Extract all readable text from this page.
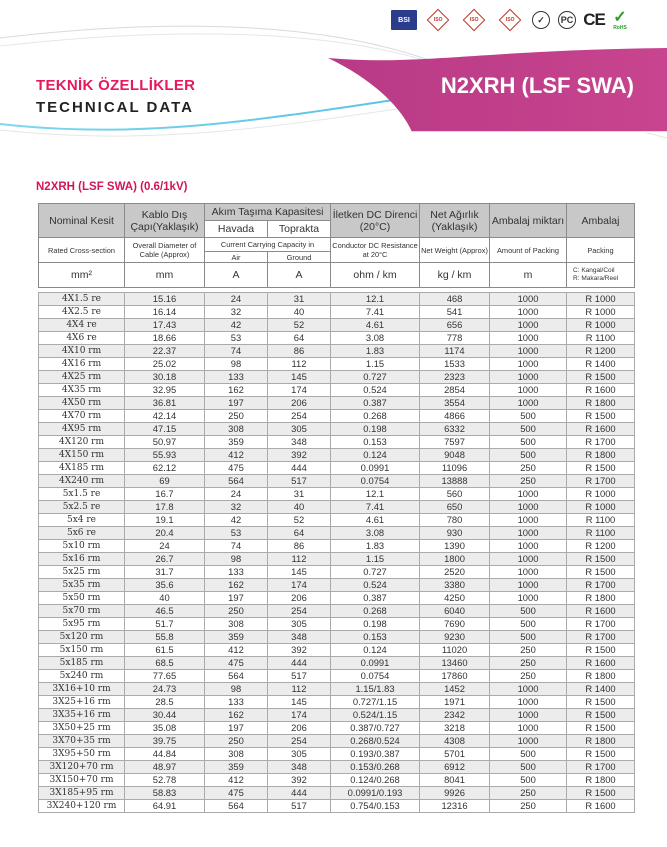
BSI	ISO	ISO	ISO	✓	PC CE ✓
RoHS
TEKNİK ÖZELLİKLER
TECHNICAL DATA
N2XRH (LSF SWA)
N2XRH (LSF SWA) (0.6/1kV)
Nominal Kesit	Kablo Dış Çapı(Yaklaşık)	Akım Taşıma Kapasitesi		İletken DC Direnci (20°C)	Net Ağırlık (Yaklaşık)	Ambalaj miktarı	Ambalaj
		Havada	Toprakta				
Rated Cross-section	Overall Diameter of Cable (Approx)	Current Carrying Capacity in		Conductor DC Resistance at 20°C	Net Weight (Approx)	Amount of Packing	Packing
		Air	Ground				
mm²	mm	A	A	ohm / km	kg / km	m	C: Kangal/Coil
R: Makara/Reel

4X1.5 re	15.16	24	31	12.1	468	1000	R 1000
4X2.5 re	16.14	32	40	7.41	541	1000	R 1000
4X4 re	17.43	42	52	4.61	656	1000	R 1000
4X6 re	18.66	53	64	3.08	778	1000	R 1100
4X10 rm	22.37	74	86	1.83	1174	1000	R 1200
4X16 rm	25.02	98	112	1.15	1533	1000	R 1400
4X25 rm	30.18	133	145	0.727	2323	1000	R 1500
4X35 rm	32.95	162	174	0.524	2854	1000	R 1600
4X50 rm	36.81	197	206	0.387	3554	1000	R 1800
4X70 rm	42.14	250	254	0.268	4866	500	R 1500
4X95 rm	47.15	308	305	0.198	6332	500	R 1600
4X120 rm	50.97	359	348	0.153	7597	500	R 1700
4X150 rm	55.93	412	392	0.124	9048	500	R 1800
4X185 rm	62.12	475	444	0.0991	11096	250	R 1500
4X240 rm	69	564	517	0.0754	13888	250	R 1700
5x1.5 re	16.7	24	31	12.1	560	1000	R 1000
5x2.5 re	17.8	32	40	7.41	650	1000	R 1000
5x4 re	19.1	42	52	4.61	780	1000	R 1100
5x6 re	20.4	53	64	3.08	930	1000	R 1100
5x10 rm	24	74	86	1.83	1390	1000	R 1200
5x16 rm	26.7	98	112	1.15	1800	1000	R 1500
5x25 rm	31.7	133	145	0.727	2520	1000	R 1500
5x35 rm	35.6	162	174	0.524	3380	1000	R 1700
5x50 rm	40	197	206	0.387	4250	1000	R 1800
5x70 rm	46.5	250	254	0.268	6040	500	R 1600
5x95 rm	51.7	308	305	0.198	7690	500	R 1700
5x120 rm	55.8	359	348	0.153	9230	500	R 1700
5x150 rm	61.5	412	392	0.124	11020	250	R 1500
5x185 rm	68.5	475	444	0.0991	13460	250	R 1600
5x240 rm	77.65	564	517	0.0754	17860	250	R 1800
3X16+10 rm	24.73	98	112	1.15/1.83	1452	1000	R 1400
3X25+16 rm	28.5	133	145	0.727/1.15	1971	1000	R 1500
3X35+16 rm	30.44	162	174	0.524/1.15	2342	1000	R 1500
3X50+25 rm	35.08	197	206	0.387/0.727	3218	1000	R 1500
3X70+35 rm	39.75	250	254	0.268/0.524	4308	1000	R 1800
3X95+50 rm	44.84	308	305	0.193/0.387	5701	500	R 1500
3X120+70 rm	48.97	359	348	0.153/0.268	6912	500	R 1700
3X150+70 rm	52.78	412	392	0.124/0.268	8041	500	R 1800
3X185+95 rm	58.83	475	444	0.0991/0.193	9926	250	R 1500
3X240+120 rm	64.91	564	517	0.754/0.153	12316	250	R 1600
